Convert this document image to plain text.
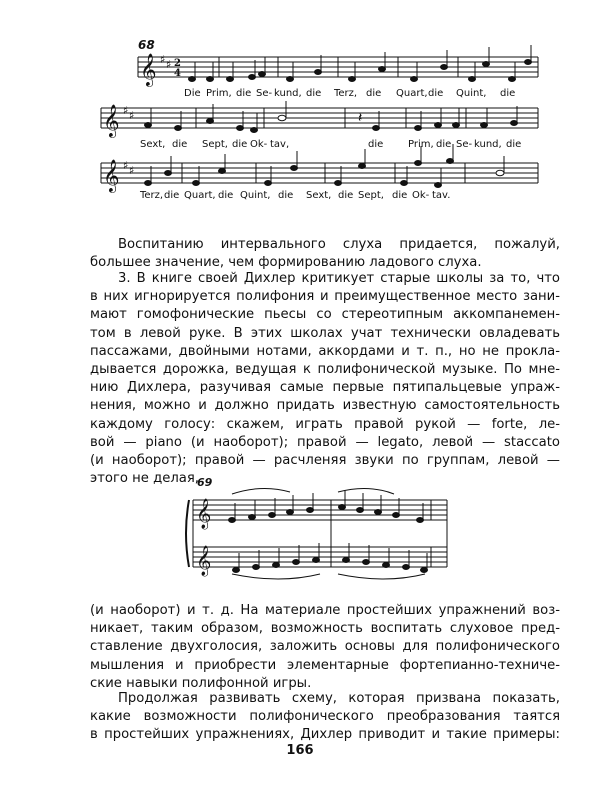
68
𝄞 ♯ ♯ 2
4
𝄞 ♯ ♯
𝄞 ♯ ♯
𝄽
𝄞
𝄞
69
Die Prim, die Se- kund, die Terz, die Quart, die Quint, die
Sext, die Sept, die Ok- tav,	die Prim, die Se- kund, die
Terz, die Quart, die Quint, die Sext, die Sept, die Ok- tav.
Воспитанию интервального слуха придается, пожалуй,
большее значение, чем формированию ладового слуха.
3. В книге своей Дихлер критикует старые школы за то, что
в них игнорируется полифония и преимущественное место зани-
мают гомофонические пьесы со стереотипным аккомпанемен-
том в левой руке. В этих школах учат технически овладевать
пассажами, двойными нотами, аккордами и т. п., но не прокла-
дывается дорожка, ведущая к полифонической музыке. По мне-
нию Дихлера, разучивая самые первые пятипальцевые упраж-
нения, можно и должно придать известную самостоятельность
каждому голосу: скажем, играть правой рукой — forte, ле-
вой — piano (и наоборот); правой — legato, левой — staccato
(и наоборот); правой — расчленяя звуки по группам, левой —
этого не делая,
(и наоборот) и т. д. На материале простейших упражнений воз-
никает, таким образом, возможность воспитать слуховое пред-
ставление двухголосия, заложить основы для полифонического
мышления и приобрести элементарные фортепианно-техниче-
ские навыки полифонной игры.
Продолжая развивать схему, которая призвана показать,
какие возможности полифонического преобразования таятся
в простейших упражнениях, Дихлер приводит и такие примеры:
166
